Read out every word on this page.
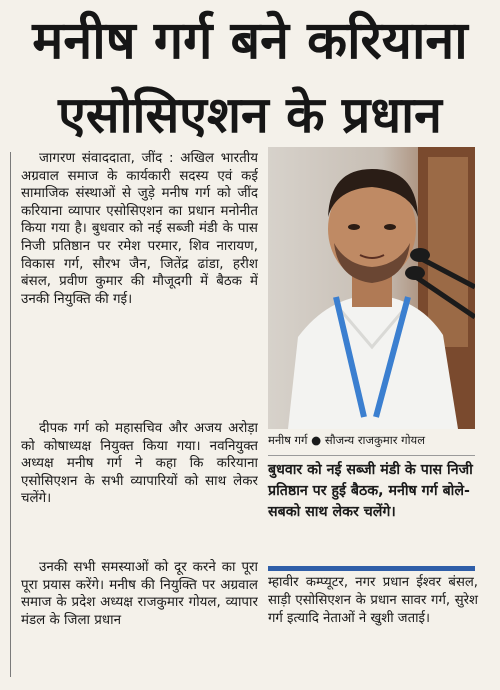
मनीष गर्ग बने करियाना
एसोसिएशन के प्रधान

जागरण संवाददाता, जींद : अखिल भारतीय अग्रवाल समाज के कार्यकारी सदस्य एवं कई सामाजिक संस्थाओं से जुड़े मनीष गर्ग को जींद करियाना व्यापार एसोसिएशन का प्रधान मनोनीत किया गया है। बुधवार को नई सब्जी मंडी के पास निजी प्रतिष्ठान पर रमेश परमार, शिव नारायण, विकास गर्ग, सौरभ जैन, जितेंद्र ढांडा, हरीश बंसल, प्रवीण कुमार की मौजूदगी में बैठक में उनकी नियुक्ति की गई।

दीपक गर्ग को महासचिव और अजय अरोड़ा को कोषाध्यक्ष नियुक्त किया गया। नवनियुक्त अध्यक्ष मनीष गर्ग ने कहा कि करियाना एसोसिएशन के सभी व्यापारियों को साथ लेकर चलेंगे।

उनकी सभी समस्याओं को दूर करने का पूरा पूरा प्रयास करेंगे। मनीष की नियुक्ति पर अग्रवाल समाज के प्रदेश अध्यक्ष राजकुमार गोयल, व्यापार मंडल के जिला प्रधान

मनीष गर्ग ● सौजन्य राजकुमार गोयल
बुधवार को नई सब्जी मंडी के पास निजी प्रतिष्ठान पर हुई बैठक, मनीष गर्ग बोले-सबको साथ लेकर चलेंगे।
म्हावीर कम्प्यूटर, नगर प्रधान ईश्वर बंसल, साड़ी एसोसिएशन के प्रधान सावर गर्ग, सुरेश गर्ग इत्यादि नेताओं ने खुशी जताई।
